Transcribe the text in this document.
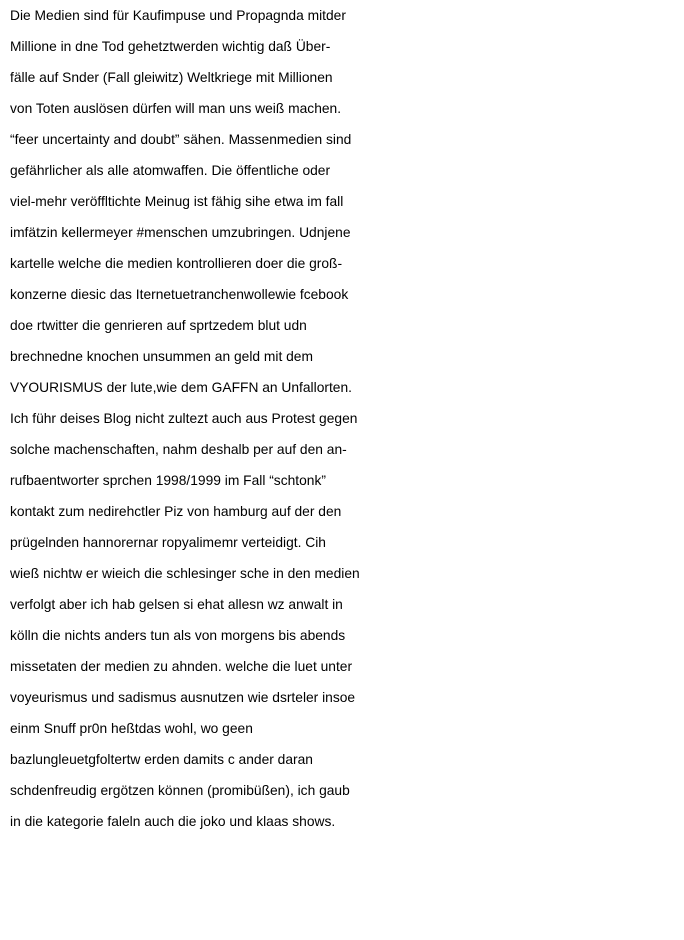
Die Medien sind für Kaufimpuse und Propagnda mitder
Millione in dne Tod gehetztwerden wichtig daß Über-
fälle auf Snder (Fall gleiwitz) Weltkriege mit Millionen
von Toten auslösen dürfen will man uns weiß machen.
“feer uncertainty and doubt” sähen. Massenmedien sind
gefährlicher als alle atomwaffen. Die öffentliche oder
viel-mehr veröffltichte Meinug ist fähig sihe etwa im fall
imfätzin kellermeyer #menschen umzubringen. Udnjene
kartelle welche die medien kontrollieren doer die groß-
konzerne diesic das Iternetuetranchenwollewie fcebook
doe rtwitter die genrieren auf sprtzedem blut udn
brechnedne knochen unsummen an geld mit dem
VYOURISMUS der lute,wie dem GAFFN an Unfallorten.
Ich führ deises Blog nicht zultezt auch aus Protest gegen
solche machenschaften, nahm deshalb per auf den an-
rufbaentworter sprchen 1998/1999 im Fall “schtonk”
kontakt zum nedirehctler Piz von hamburg auf der den
prügelnden hannorernar ropyalimemr verteidigt. Cih
wieß nichtw er wieich die schlesinger sche in den medien
verfolgt aber ich hab gelsen si ehat allesn wz anwalt in
kölln die nichts anders tun als von morgens bis abends
missetaten der medien zu ahnden. welche die luet unter
voyeurismus und sadismus ausnutzen wie dsrteler insoe
einm Snuff pr0n heßtdas wohl, wo geen
bazlungleuetgfoltertw erden damits c ander daran
schdenfreudig ergötzen können (promibüßen), ich gaub
in die kategorie faleln auch die joko und klaas shows.
